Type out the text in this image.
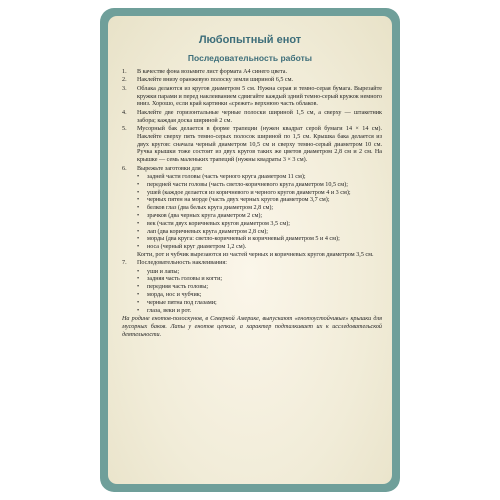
Любопытный енот
Последовательность работы
1.	В качестве фона возьмите лист формата А4 синего цвета.
2.	Наклейте внизу оранжевую полоску земли шириной 6,5 см.
3.	Облака делаются из кругов диаметром 5 см. Нужна серая и темно-серая бумага. Вырезайте кружки парами и перед наклеиванием сдвигайте каждый здний темно-серый кружок немного вниз. Хорошо, если край картинки «срежет» верхнюю часть облаков.
4.	Наклейте две горизонтальные черные полоски шириной 1,5 см, а сверху — штакетник забора; каждая доска шириной 2 см.
5.	Мусорный бак делается в форме трапеции (нужен квадрат серой бумаги 14 × 14 см). Наклейте сверху пять темно-серых полосок шириной по 1,5 см. Крышка бака делается из двух кругов: сначала черный диаметром 10,5 см и сверху темно-серый диаметром 10 см. Ручка крышки тоже состоит из двух кругов таких же цветов диаметром 2,8 см и 2 см. На крышке — семь маленьких трапеций (нужны квадраты 3 × 3 см).
6.	Вырежьте заготовки для:
•	задней части головы (часть черного круга диаметром 11 см);
•	передней части головы (часть светло-коричневого круга диаметром 10,5 см);
•	ушей (каждое делается из коричневого и черного кругов диаметром 4 и 3 см);
•	черных пятен на морде (часть двух черных кругов диаметром 3,7 см);
•	белков глаз (два белых круга диаметром 2,8 см);
•	зрачков (два черных круга диаметром 2 см);
•	век (части двух коричневых кругов диаметром 3,5 см);
•	лап (два коричневых круга диаметром 2,8 см);
•	морды (два круга: светло-коричневый и коричневый диаметром 5 и 4 см);
•	носа (черный круг диаметром 1,2 см).
Когти, рот и чубчик вырезаются из частей черных и коричневых кругов диаметром 3,5 см.
7.	Последовательность наклеивания:
•	уши и лапы;
•	задняя часть головы и когти;
•	передняя часть головы;
•	морда, нос и чубчик;
•	черные пятна под глазами;
•	глаза, веки и рот.
На родине енотов-полоскунов, в Северной Америке, выпускают «енотоустойчивые» крышки для мусорных баков. Лапы у енотов цепкие, а характер подталкивает их к исследовательской деятельности.
